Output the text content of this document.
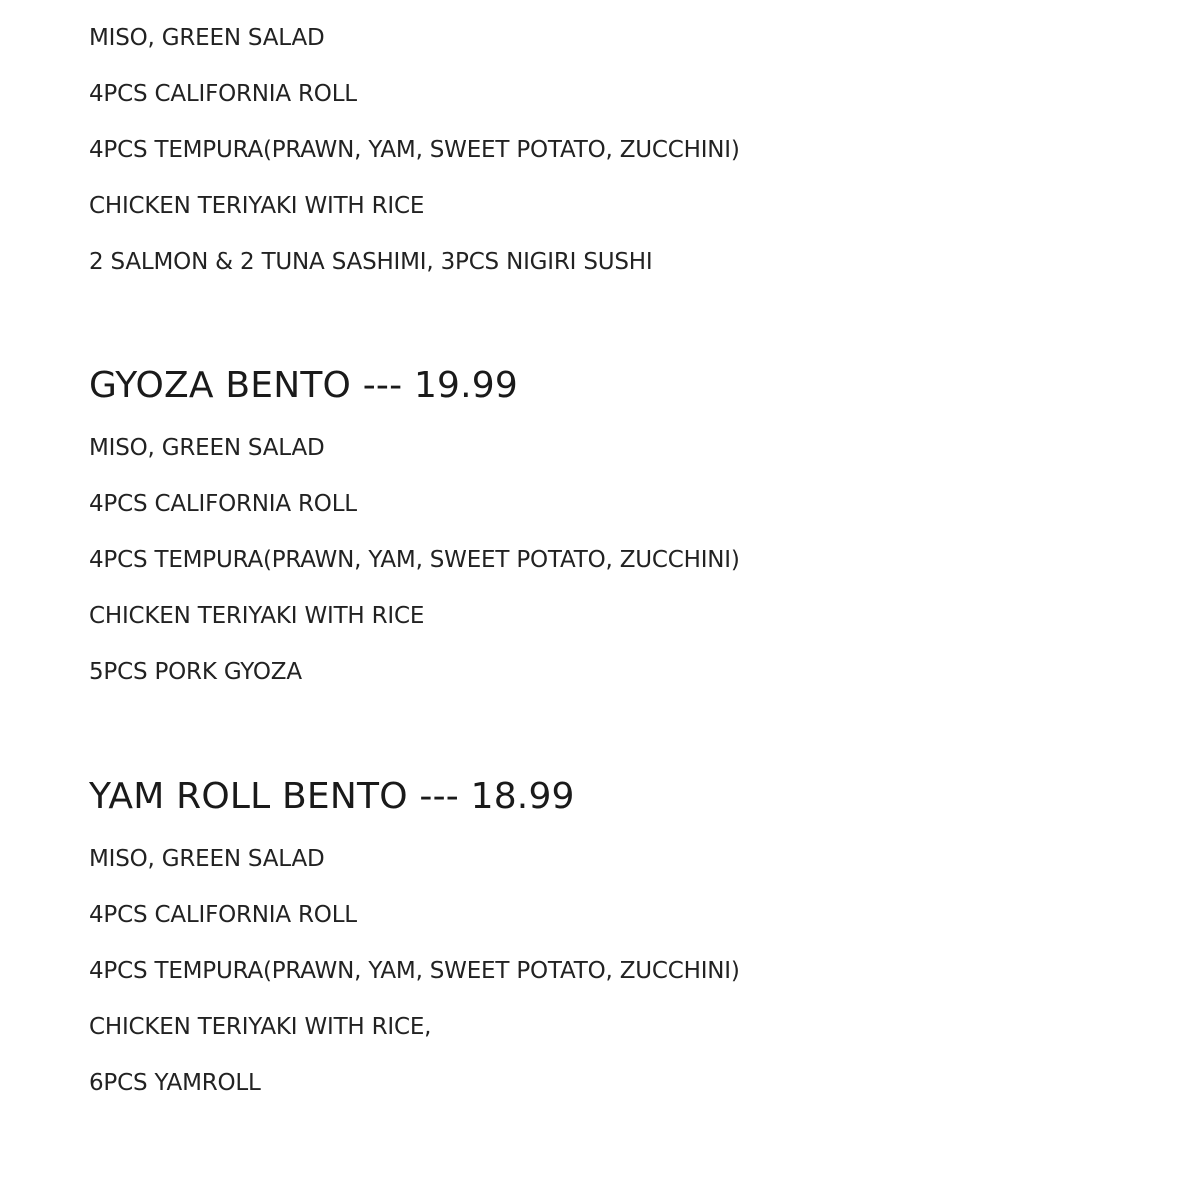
MISO, GREEN SALAD
4PCS CALIFORNIA ROLL
4PCS TEMPURA(PRAWN, YAM, SWEET POTATO, ZUCCHINI)
CHICKEN TERIYAKI WITH RICE
2 SALMON & 2 TUNA SASHIMI, 3PCS NIGIRI SUSHI
GYOZA BENTO --- 19.99
MISO, GREEN SALAD
4PCS CALIFORNIA ROLL
4PCS TEMPURA(PRAWN, YAM, SWEET POTATO, ZUCCHINI)
CHICKEN TERIYAKI WITH RICE
5PCS PORK GYOZA
YAM ROLL BENTO --- 18.99
MISO, GREEN SALAD
4PCS CALIFORNIA ROLL
4PCS TEMPURA(PRAWN, YAM, SWEET POTATO, ZUCCHINI)
CHICKEN TERIYAKI WITH RICE,
6PCS YAMROLL
